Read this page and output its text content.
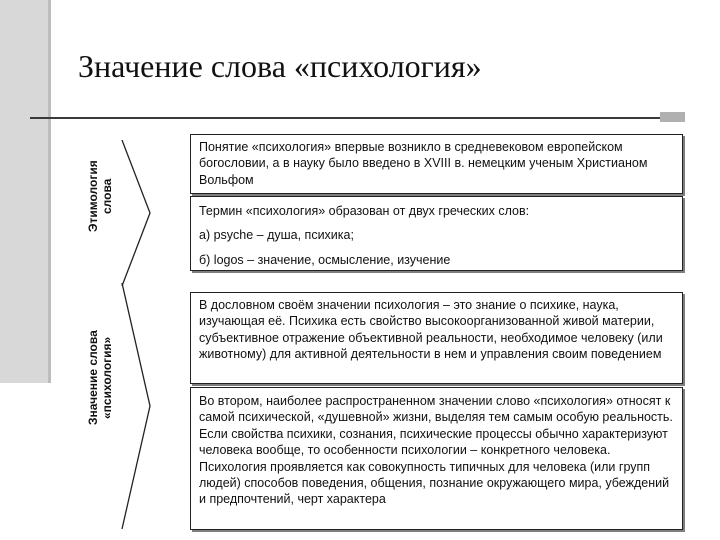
Значение слова «психология»
Этимология
слова

Понятие «психология» впервые возникло в средневековом европейском богословии, а в науку было введено в XVIII в. немецким ученым Христианом Вольфом

Термин «психология» образован от двух греческих слов:

а) psyche – душа, психика;

б) logos – значение, осмысление, изучение

Значение слова
«психология»

В дословном своём значении психология – это знание о психике, наука, изучающая её. Психика есть свойство высокоорганизованной живой материи, субъективное отражение объективной реальности, необходимое человеку (или животному) для активной деятельности в нем и управления своим поведением

Во втором, наиболее распространенном значении слово «психология» относят к самой психической, «душевной» жизни, выделяя тем самым особую реальность. Если свойства психики, сознания, психические процессы обычно характеризуют человека вообще, то особенности психологии – конкретного человека. Психология проявляется как совокупность типичных для человека (или групп людей) способов поведения, общения, познание окружающего мира, убеждений и предпочтений, черт характера
